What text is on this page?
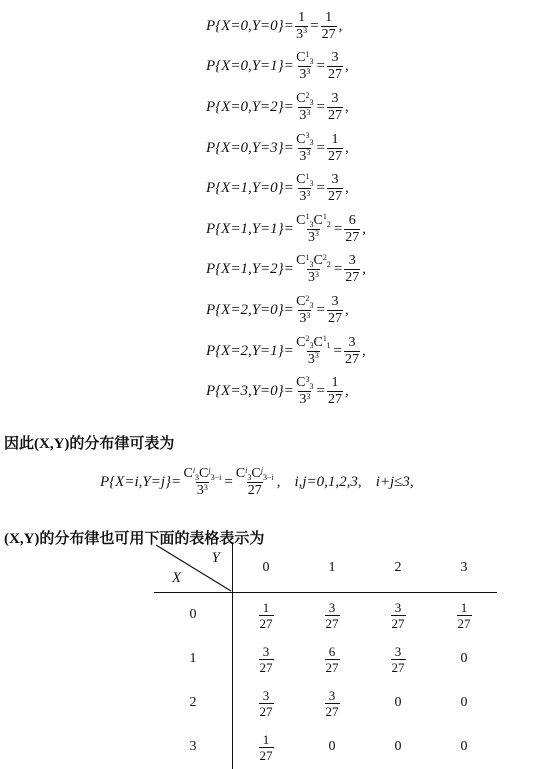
$P\{X=0,Y=0\} = \frac{1}{3^3} = \frac{1}{27}$ ,
$P\{X=0,Y=1\} = \frac{C^13}{3^3} = \frac{3}{27}$ ,
$P\{X=0,Y=2\} = \frac{C^23}{3^3} = \frac{3}{27}$ ,
$P\{X=0,Y=3\} = \frac{C^33}{3^3} = \frac{1}{27}$ ,
$P\{X=1,Y=0\} = \frac{C^13}{3^3} = \frac{3}{27}$ ,
$P\{X=1,Y=1\} = \frac{C^13C^12}{3^3} = \frac{6}{27}$ ,
$P\{X=1,Y=2\} = \frac{C^13C^22}{3^3} = \frac{3}{27}$ ,
$P\{X=2,Y=0\} = \frac{C^23}{3^3} = \frac{3}{27}$ ,
$P\{X=2,Y=1\} = \frac{C^23C^11}{3^3} = \frac{3}{27}$ ,
$P\{X=3,Y=0\} = \frac{C^33}{3^3} = \frac{1}{27}$ ,
因此(X,Y)的分布律可表为
$P\{X=i,Y=j\} = \frac{C^i3C^j3-i}{3^3} = \frac{C^i3C^j3-i}{27}$ , i,j=0,1,2,3, i+j≤3,
(X,Y)的分布律也可用下面的表格表示为
Y
X	0	1	2	3
0	$\frac{1}{27}$	$\frac{3}{27}$	$\frac{3}{27}$	$\frac{1}{27}$

1	$\frac{3}{27}$	$\frac{6}{27}$	$\frac{3}{27}$	0
2	$\frac{3}{27}$	$\frac{3}{27}$	0	0
3	$\frac{1}{27}$	0	0	0
